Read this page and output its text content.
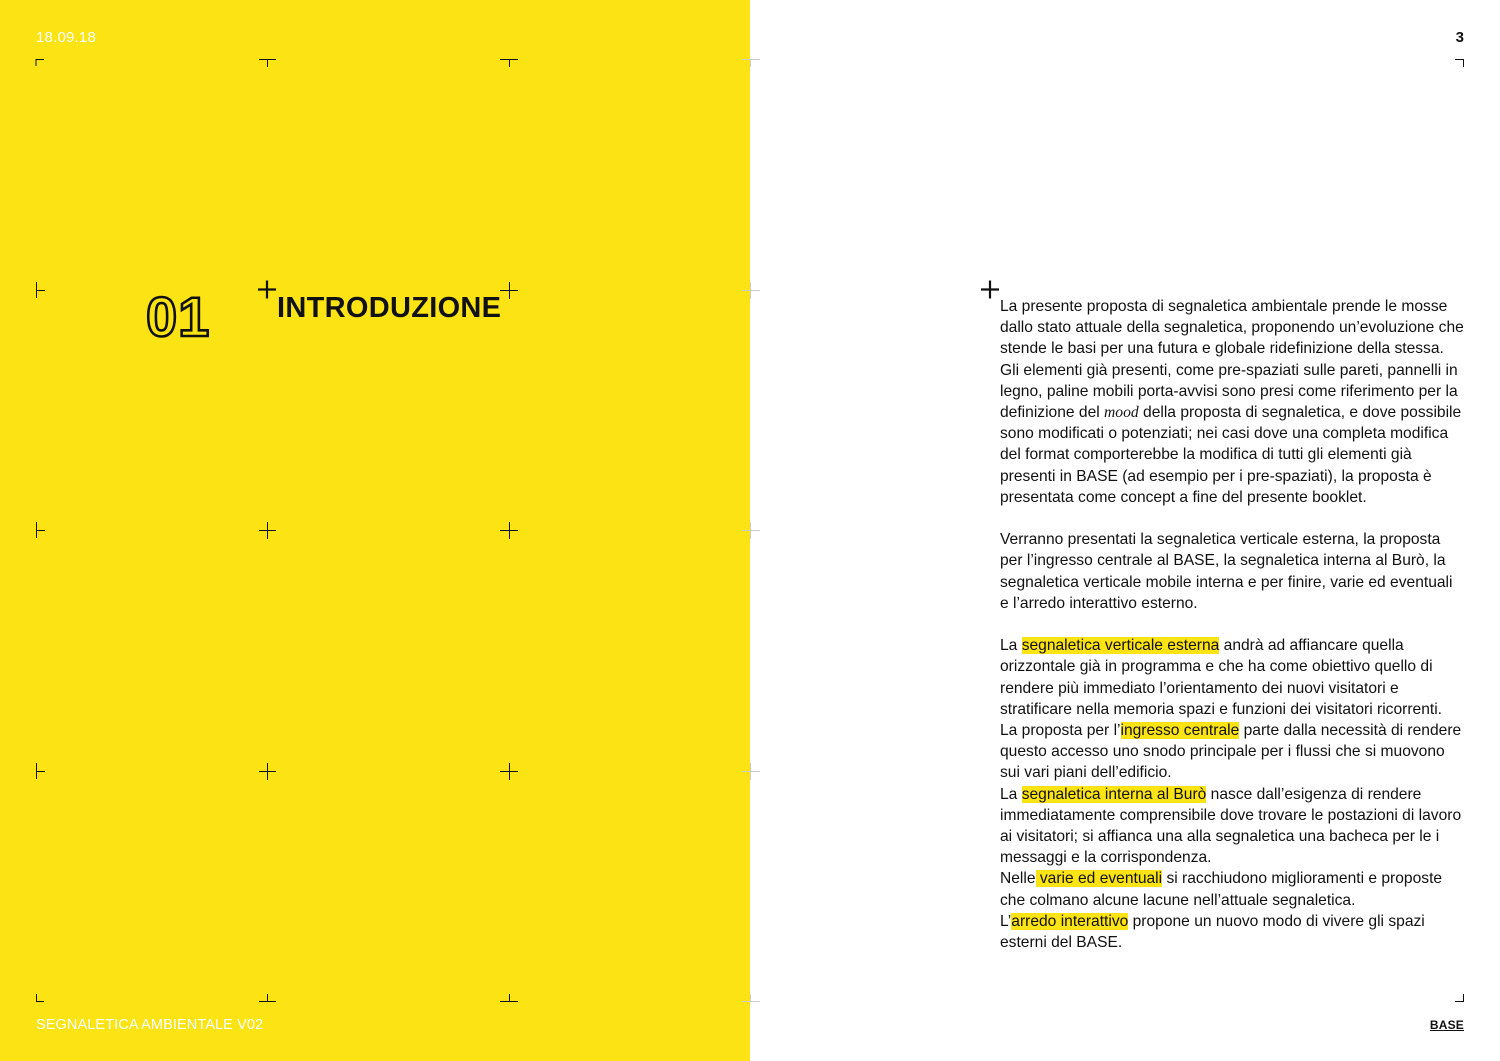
18.09.18
01 INTRODUZIONE
SEGNALETICA AMBIENTALE V02
3
BASE

La presente proposta di segnaletica ambientale prende le mosse dallo stato attuale della segnaletica, proponendo un’evoluzione che stende le basi per una futura e globale ridefinizione della stessa.
Gli elementi già presenti, come pre-spaziati sulle pareti, pannelli in legno, paline mobili porta-avvisi sono presi come riferimento per la definizione del mood della proposta di segnaletica, e dove possibile sono modificati o potenziati; nei casi dove una completa modifica del format comporterebbe la modifica di tutti gli elementi già presenti in BASE (ad esempio per i pre-spaziati), la proposta è presentata come concept a fine del presente booklet.

Verranno presentati la segnaletica verticale esterna, la proposta per l’ingresso centrale al BASE, la segnaletica interna al Burò, la segnaletica verticale mobile interna e per finire, varie ed eventuali e l’arredo interattivo esterno.

La segnaletica verticale esterna andrà ad affiancare quella orizzontale già in programma e che ha come obiettivo quello di rendere più immediato l’orientamento dei nuovi visitatori e stratificare nella memoria spazi e funzioni dei visitatori ricorrenti.
La proposta per l’ingresso centrale parte dalla necessità di rendere questo accesso uno snodo principale per i flussi che si muovono sui vari piani dell’edificio.
La segnaletica interna al Burò nasce dall’esigenza di rendere immediatamente comprensibile dove trovare le postazioni di lavoro ai visitatori; si affianca una alla segnaletica una bacheca per le i messaggi e la corrispondenza.
Nelle varie ed eventuali si racchiudono miglioramenti e proposte che colmano alcune lacune nell’attuale segnaletica.
L’arredo interattivo propone un nuovo modo di vivere gli spazi esterni del BASE.
